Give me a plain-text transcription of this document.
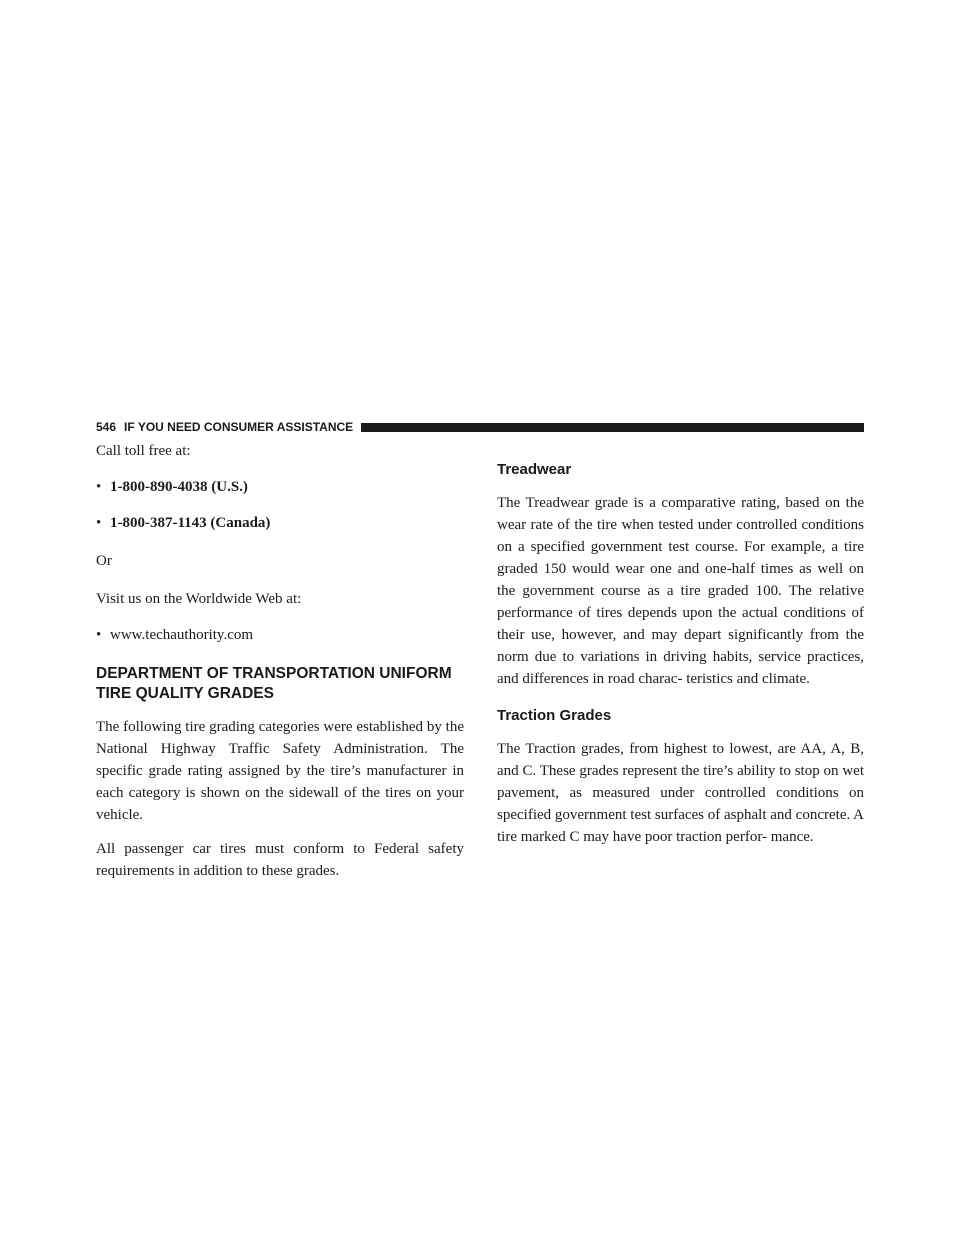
546 IF YOU NEED CONSUMER ASSISTANCE

Call toll free at:

• 1-800-890-4038 (U.S.)
• 1-800-387-1143 (Canada)

Or

Visit us on the Worldwide Web at:

• www.techauthority.com
DEPARTMENT OF TRANSPORTATION UNIFORM
TIRE QUALITY GRADES

The following tire grading categories were established by the National Highway Traffic Safety Administration. The specific grade rating assigned by the tire’s manufacturer in each category is shown on the sidewall of the tires on your vehicle.

All passenger car tires must conform to Federal safety requirements in addition to these grades.

Treadwear

The Treadwear grade is a comparative rating, based on the wear rate of the tire when tested under controlled conditions on a specified government test course. For example, a tire graded 150 would wear one and one-half times as well on the government course as a tire graded 100. The relative performance of tires depends upon the actual conditions of their use, however, and may depart significantly from the norm due to variations in driving habits, service practices, and differences in road charac- teristics and climate.

Traction Grades

The Traction grades, from highest to lowest, are AA, A, B, and C. These grades represent the tire’s ability to stop on wet pavement, as measured under controlled conditions on specified government test surfaces of asphalt and concrete. A tire marked C may have poor traction perfor- mance.
